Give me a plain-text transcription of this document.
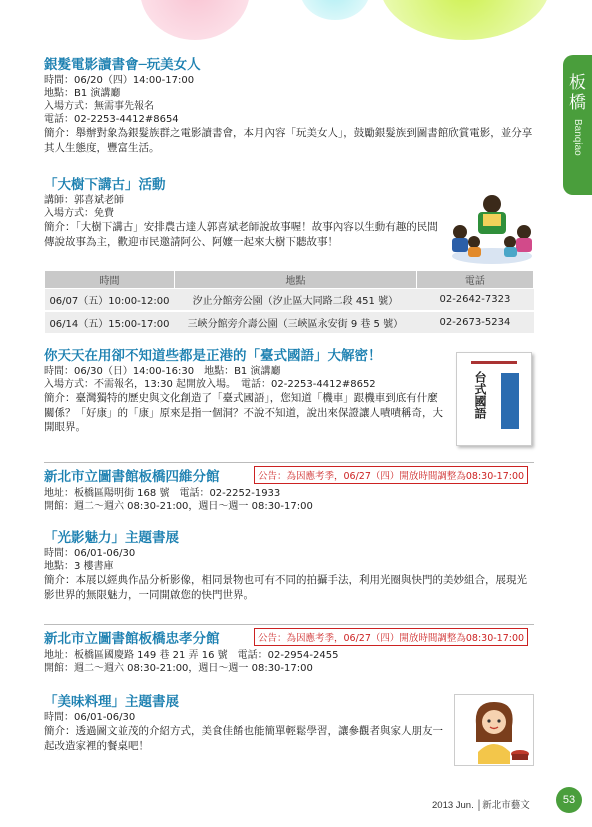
板橋
Banqiao
銀髮電影讀書會─玩美女人
時間：06/20（四）14:00-17:00
地點：B1 演講廳
入場方式：無需事先報名
電話：02-2253-4412#8654
簡介：舉辦對象為銀髮族群之電影讀書會，本月內容「玩美女人」，鼓勵銀髮族到圖書館欣賞電影，並分享其人生態度，豐富生活。
「大樹下講古」活動
講師：郭喜斌老師
入場方式：免費
簡介：「大樹下講古」安排農古達人郭喜斌老師說故事喔！故事內容以生動有趣的民間傳說故事為主，歡迎市民邀請阿公、阿嬤一起來大樹下聽故事！
時間	地點	電話
06/07（五）10:00-12:00	汐止分館旁公園（汐止區大同路二段 451 號）	02-2642-7323
06/14（五）15:00-17:00	三峽分館旁介壽公園（三峽區永安街 9 巷 5 號）	02-2673-5234
你天天在用卻不知道些都是正港的「臺式國語」大解密！
時間：06/30（日）14:00-16:30　地點：B1 演講廳
入場方式：不需報名，13:30 起開放入場。　電話：02-2253-4412#8652
簡介：臺灣獨特的歷史與文化創造了「臺式國語」，您知道「機車」跟機車到底有什麼關係？「好康」的「康」原來是指一個洞？不說不知道，說出來保證讓人嘖嘖稱奇，大開眼界。
台式國語
新北市立圖書館板橋四維分館	公告：為因應考季，06/27（四）開放時間調整為08:30-17:00
地址：板橋區陽明街 168 號　電話：02-2252-1933
開館：週二～週六 08:30-21:00，週日～週一 08:30-17:00
「光影魅力」主題書展
時間：06/01-06/30
地點：3 樓書庫
簡介：本展以經典作品分析影像，相同景物也可有不同的拍攝手法，利用光圈與快門的美妙組合，展現光影世界的無限魅力，一同開啟您的快門世界。
新北市立圖書館板橋忠孝分館	公告：為因應考季，06/27（四）開放時間調整為08:30-17:00
地址：板橋區國慶路 149 巷 21 弄 16 號　電話：02-2954-2455
開館：週二～週六 08:30-21:00，週日～週一 08:30-17:00
「美味料理」主題書展
時間：06/01-06/30
簡介：透過圖文並茂的介紹方式，美食佳餚也能簡單輕鬆學習，讓參觀者與家人朋友一起改造家裡的餐桌吧！
2013 Jun. │新北市藝文	53
